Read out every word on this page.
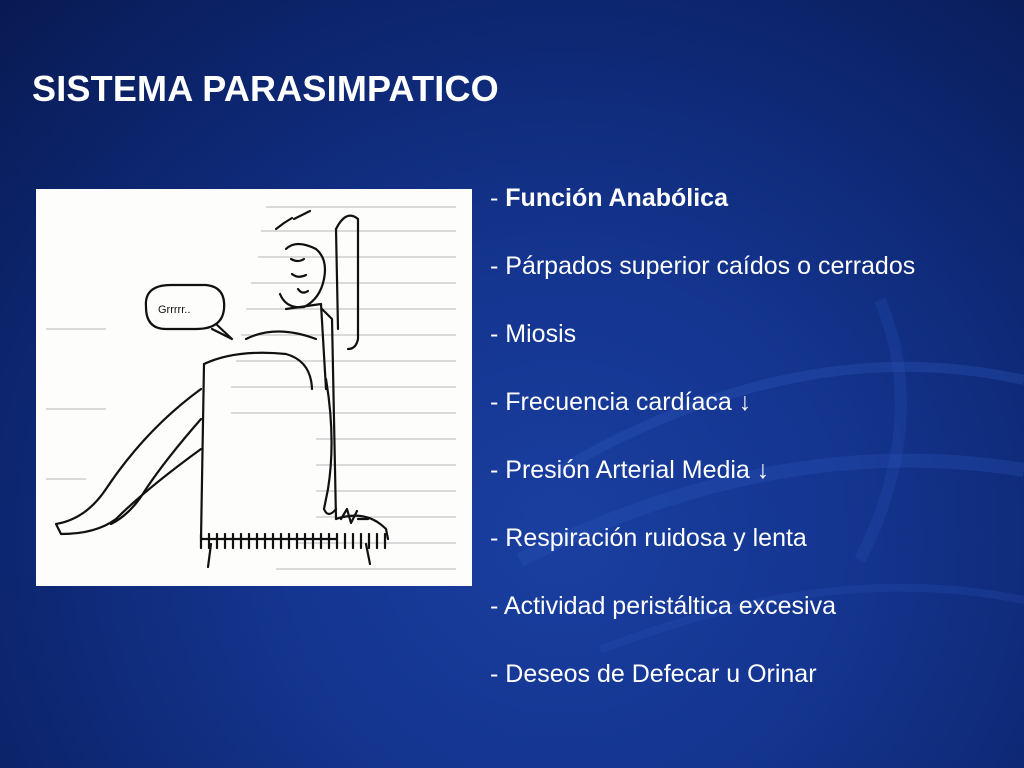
SISTEMA PARASIMPATICO
Grrrrr..
- Función Anabólica
- Párpados superior caídos o cerrados
- Miosis
- Frecuencia cardíaca ↓
- Presión Arterial Media ↓
- Respiración ruidosa y lenta
- Actividad peristáltica excesiva
- Deseos de Defecar u Orinar
